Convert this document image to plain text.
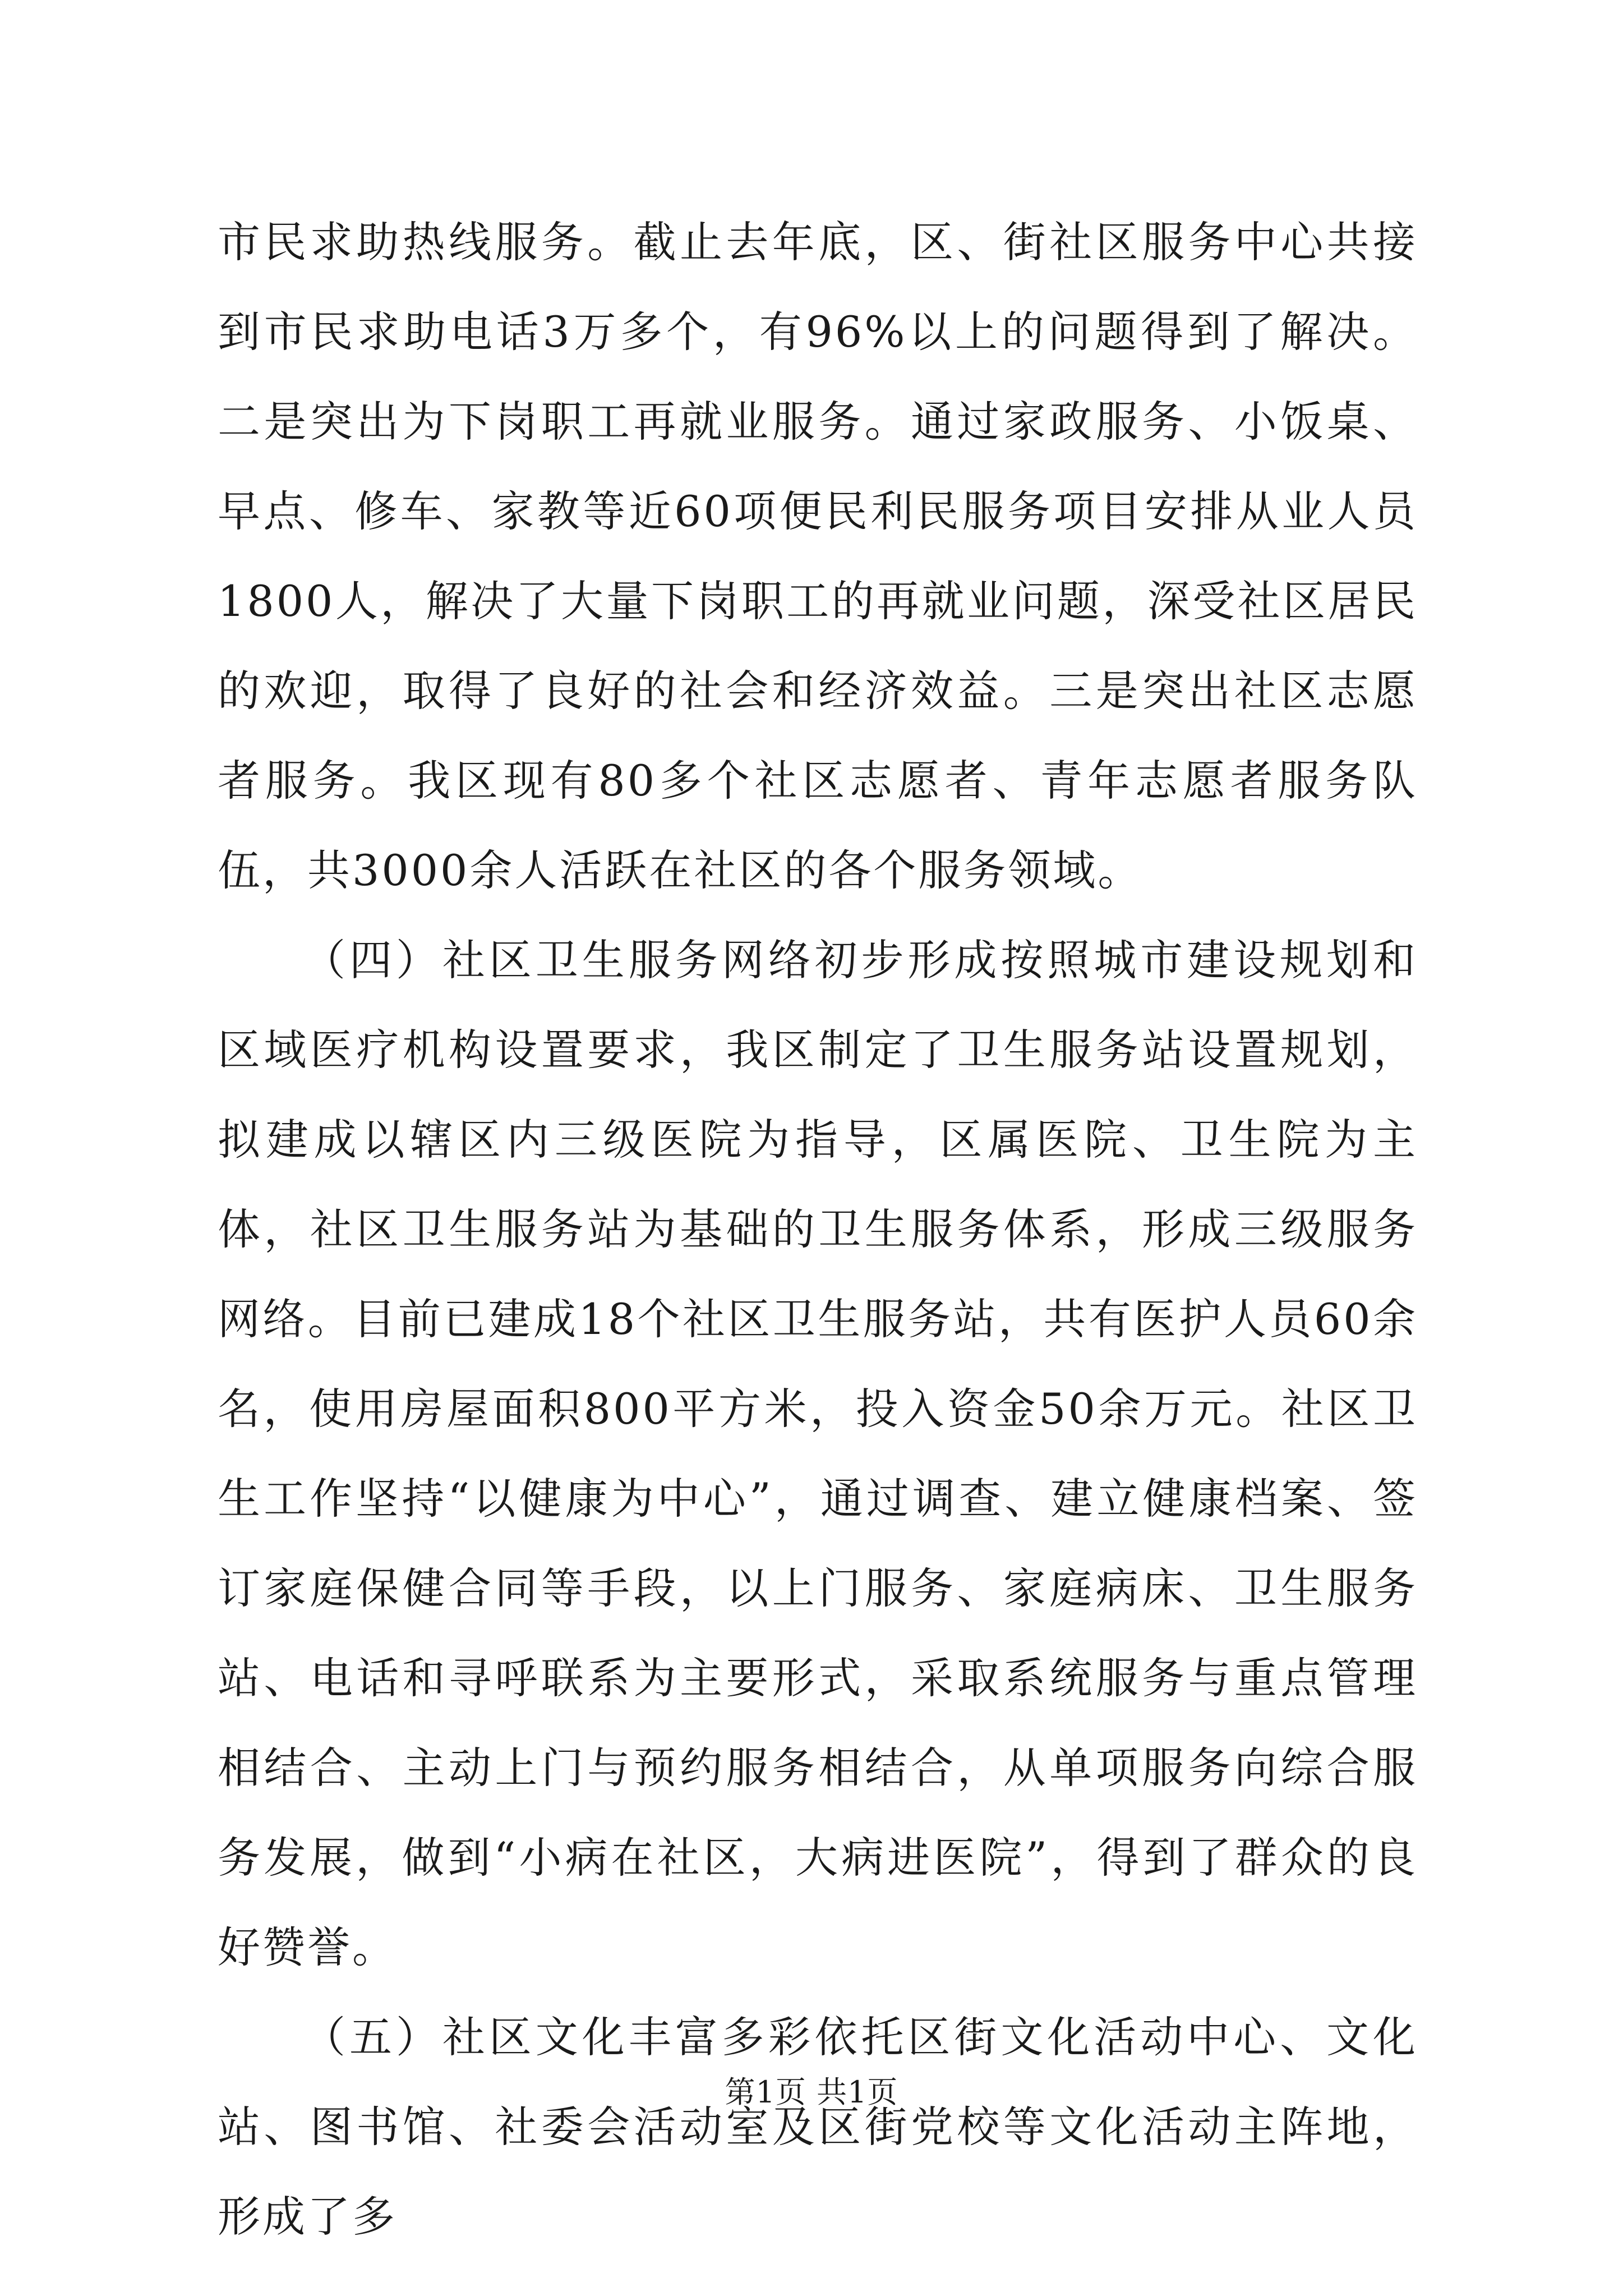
市民求助热线服务。截止去年底，区、街社区服务中心共接到市民求助电话3万多个，有96%以上的问题得到了解决。二是突出为下岗职工再就业服务。通过家政服务、小饭桌、早点、修车、家教等近60项便民利民服务项目安排从业人员1800人，解决了大量下岗职工的再就业问题，深受社区居民的欢迎，取得了良好的社会和经济效益。三是突出社区志愿者服务。我区现有80多个社区志愿者、青年志愿者服务队伍，共3000余人活跃在社区的各个服务领域。

（四）社区卫生服务网络初步形成按照城市建设规划和区域医疗机构设置要求，我区制定了卫生服务站设置规划，拟建成以辖区内三级医院为指导，区属医院、卫生院为主体，社区卫生服务站为基础的卫生服务体系，形成三级服务网络。目前已建成18个社区卫生服务站，共有医护人员60余名，使用房屋面积800平方米，投入资金50余万元。社区卫生工作坚持“以健康为中心”，通过调查、建立健康档案、签订家庭保健合同等手段，以上门服务、家庭病床、卫生服务站、电话和寻呼联系为主要形式，采取系统服务与重点管理相结合、主动上门与预约服务相结合，从单项服务向综合服务发展，做到“小病在社区，大病进医院”，得到了群众的良好赞誉。

（五）社区文化丰富多彩依托区街文化活动中心、文化站、图书馆、社委会活动室及区街党校等文化活动主阵地，形成了多

第1页 共1页
